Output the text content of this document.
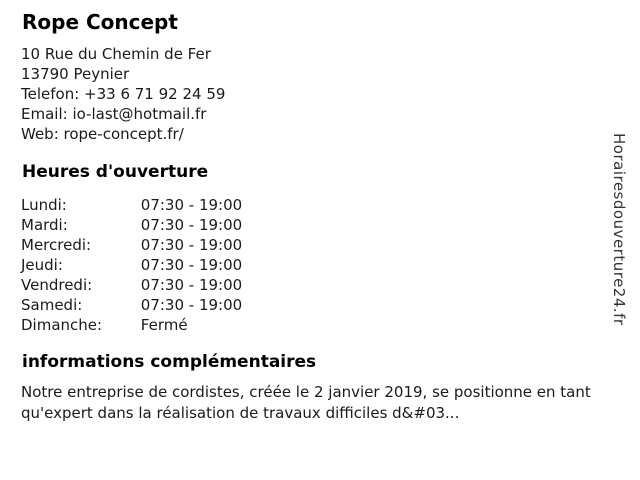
Rope Concept
10 Rue du Chemin de Fer
13790 Peynier
Telefon: +33 6 71 92 24 59
Email: io-last@hotmail.fr
Web: rope-concept.fr/
Heures d'ouverture
Lundi:	07:30 - 19:00
Mardi:	07:30 - 19:00
Mercredi:	07:30 - 19:00
Jeudi:	07:30 - 19:00
Vendredi:	07:30 - 19:00
Samedi:	07:30 - 19:00
Dimanche:	Fermé
informations complémentaires

Notre entreprise de cordistes, créée le 2 janvier 2019, se positionne en tant qu'expert dans la réalisation de travaux difficiles d&#03...

Horairesdouverture24.fr
